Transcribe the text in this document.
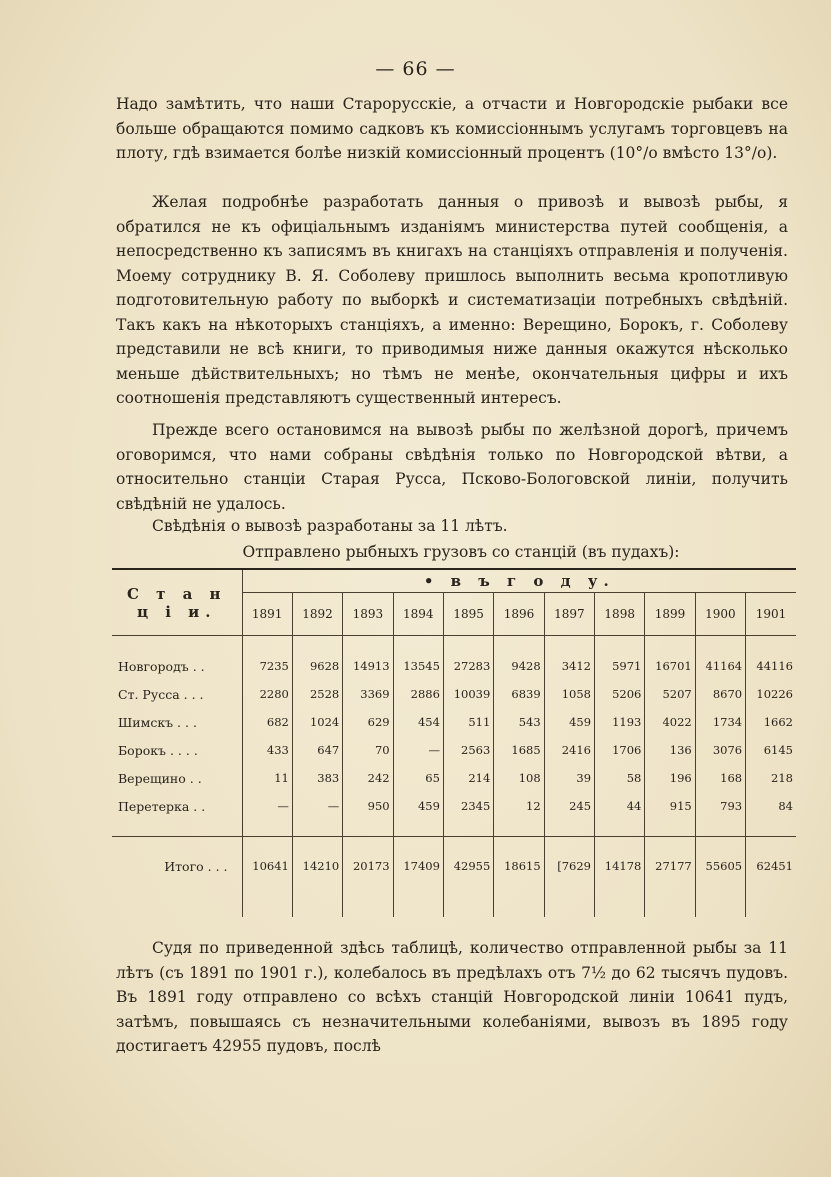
— 66 —

Надо замѣтить, что наши Старорусскіе, а отчасти и Новгородскіе рыбаки все больше обращаются помимо садковъ къ комиссіоннымъ услугамъ торговцевъ на плоту, гдѣ взимается болѣе низкій комиссіонный процентъ (10°/о вмѣсто 13°/о).

Желая подробнѣе разработать данныя о привозѣ и вывозѣ рыбы, я обратился не къ офиціальнымъ изданіямъ министерства путей сообщенія, а непосредственно къ записямъ въ книгахъ на станціяхъ отправленія и полученія. Моему сотруднику В. Я. Соболеву пришлось выполнить весьма кропотливую подготовительную работу по выборкѣ и систематизаціи потребныхъ свѣдѣній. Такъ какъ на нѣкоторыхъ станціяхъ, а именно: Верещино, Борокъ, г. Соболеву представили не всѣ книги, то приводимыя ниже данныя окажутся нѣсколько меньше дѣйствительныхъ; но тѣмъ не менѣе, окончательныя цифры и ихъ соотношенія представляютъ существенный интересъ.

Прежде всего остановимся на вывозѣ рыбы по желѣзной дорогѣ, причемъ оговоримся, что нами собраны свѣдѣнія только по Новгородской вѣтви, а относительно станціи Старая Русса, Псково-Бологовской линіи, получить свѣдѣній не удалось.

Свѣдѣнія о вывозѣ разработаны за 11 лѣтъ.

Отправлено рыбныхъ грузовъ со станцій (въ пудахъ):
С т а н ц і и.	• в ъ г о д у.										
	1891	1892	1893	1894	1895	1896	1897	1898	1899	1900	1901

Новгородъ . .	7235	9628	14913	13545	27283	9428	3412	5971	16701	41164	44116
Ст. Русса . . .	2280	2528	3369	2886	10039	6839	1058	5206	5207	8670	10226
Шимскъ . . .	682	1024	629	454	511	543	459	1193	4022	1734	1662
Борокъ . . . .	433	647	70	—	2563	1685	2416	1706	136	3076	6145
Верещино . .	11	383	242	65	214	108	39	58	196	168	218
Перетерка . .	—	—	950	459	2345	12	245	44	915	793	84

Итого . . .	10641	14210	20173	17409	42955	18615	[7629	14178	27177	55605	62451

Судя по приведенной здѣсь таблицѣ, количество отправленной рыбы за 11 лѣтъ (съ 1891 по 1901 г.), колебалось въ предѣлахъ отъ 7½ до 62 тысячъ пудовъ. Въ 1891 году отправлено со всѣхъ станцій Новгородской линіи 10641 пудъ, затѣмъ, повышаясь съ незначительными колебаніями, вывозъ въ 1895 году достигаетъ 42955 пудовъ, послѣ
